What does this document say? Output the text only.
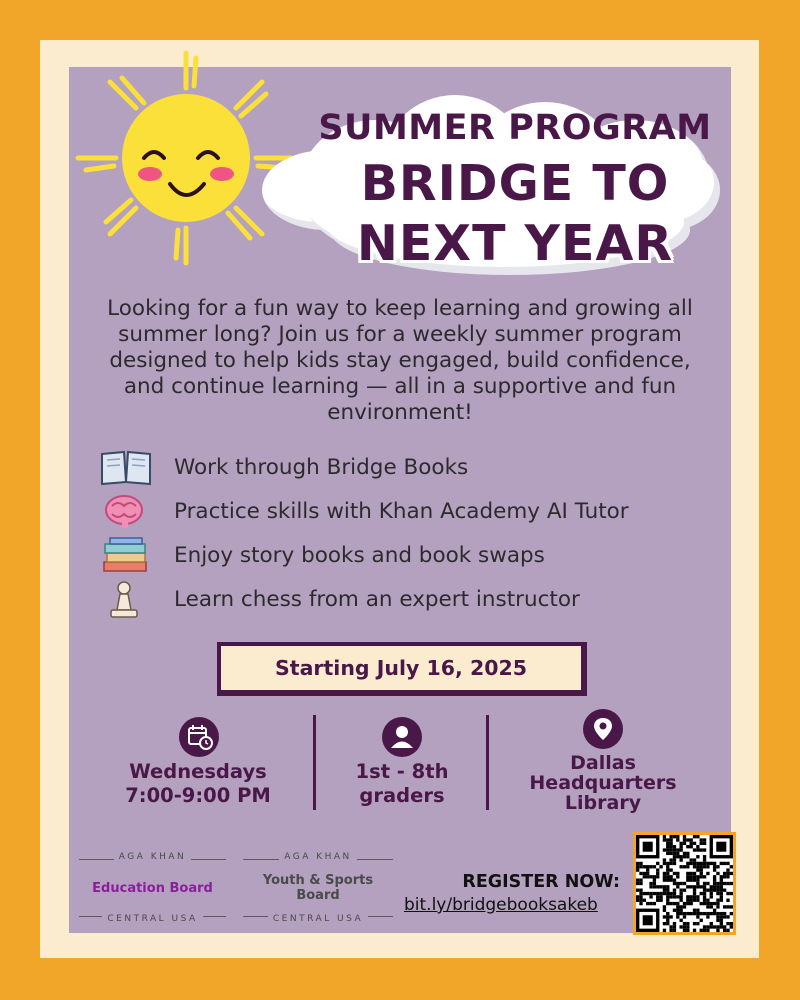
SUMMER PROGRAM
BRIDGE TO
NEXT YEAR
Looking for a fun way to keep learning and growing all summer long? Join us for a weekly summer program designed to help kids stay engaged, build confidence, and continue learning — all in a supportive and fun environment!
Work through Bridge Books
Practice skills with Khan Academy AI Tutor
Enjoy story books and book swaps
Learn chess from an expert instructor
Starting July 16, 2025
Wednesdays
7:00-9:00 PM
1st - 8th
graders
Dallas
Headquarters
Library
AGA KHAN
Education Board
CENTRAL USA
AGA KHAN
Youth & Sports
Board
CENTRAL USA
REGISTER NOW:
bit.ly/bridgebooksakeb
